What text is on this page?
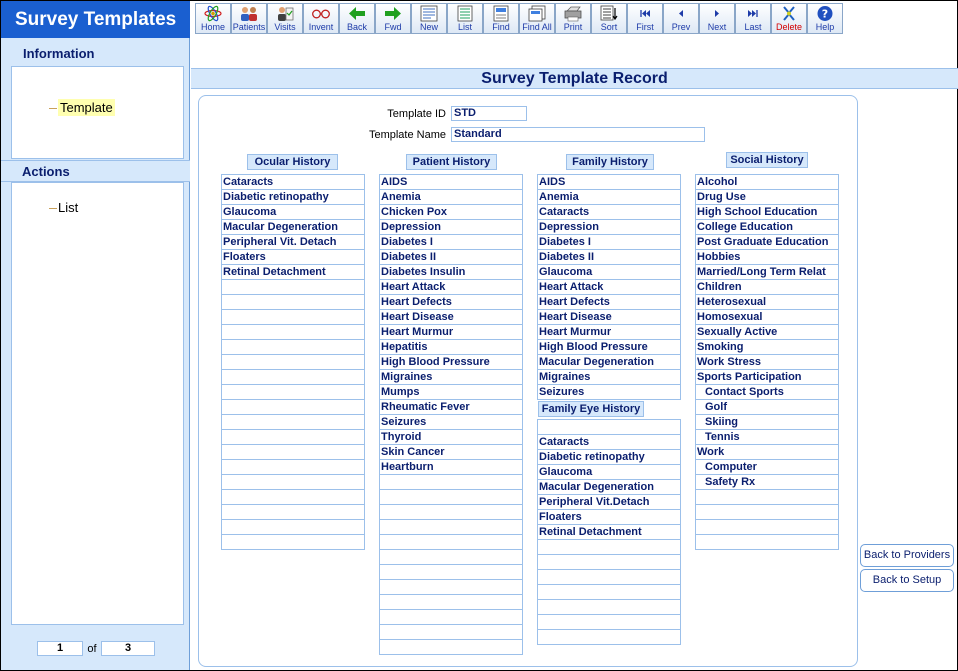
Survey Templates
Information
Template
Actions
List
1 of	3
Home Patients Visits Invent Back Fwd New List Find Find All Print Sort First Prev Next Last Delete
?
Help
Survey Template Record
Template ID STD
Template Name Standard
Ocular History	Patient History	Family History
Family Eye History
Social History
Cataracts
Diabetic retinopathy
Glaucoma
Macular Degeneration
Peripheral Vit. Detach
Floaters
Retinal Detachment
AIDS
Anemia
Chicken Pox
Depression
Diabetes I
Diabetes II
Diabetes Insulin
Heart Attack
Heart Defects
Heart Disease
Heart Murmur
Hepatitis
High Blood Pressure
Migraines
Mumps
Rheumatic Fever
Seizures
Thyroid
Skin Cancer
Heartburn
AIDS
Anemia
Cataracts
Depression
Diabetes I
Diabetes II
Glaucoma
Heart Attack
Heart Defects
Heart Disease
Heart Murmur
High Blood Pressure
Macular Degeneration
Migraines
Seizures
Cataracts
Diabetic retinopathy
Glaucoma
Macular Degeneration
Peripheral Vit.Detach
Floaters
Retinal Detachment
Alcohol
Drug Use
High School Education
College Education
Post Graduate Education
Hobbies
Married/Long Term Relat
Children
Heterosexual
Homosexual
Sexually Active
Smoking
Work Stress
Sports Participation
Contact Sports
Golf
Skiing
Tennis
Work
Computer
Safety Rx
Back to Providers
Back to Setup
